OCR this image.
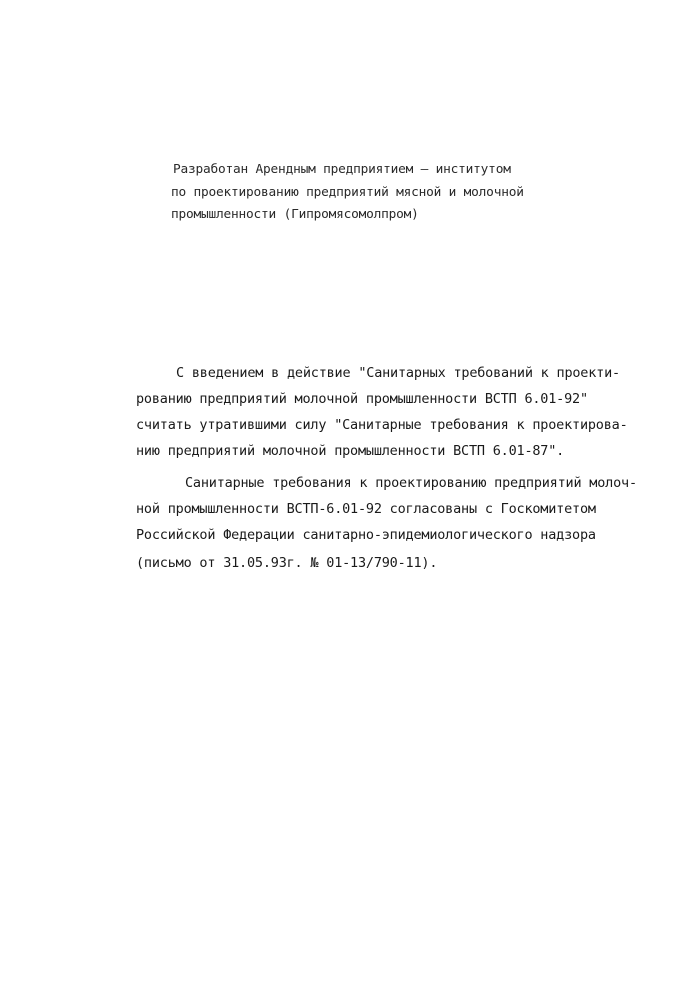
Разработан Арендным предприятием – институтом
по проектированию предприятий мясной и молочной
промышленности (Гипромясомолпром)
С введением в действие "Санитарных требований к проекти-
рованию предприятий молочной промышленности ВСТП 6.01-92"
считать утратившими силу "Санитарные требования к проектирова-
нию предприятий молочной промышленности ВСТП 6.01-87".
Санитарные требования к проектированию предприятий молоч-
ной промышленности ВСТП-6.01-92 согласованы с Госкомитетом
Российской Федерации санитарно-эпидемиологического надзора
(письмо от 31.05.93г. № 01-13/790-11).
